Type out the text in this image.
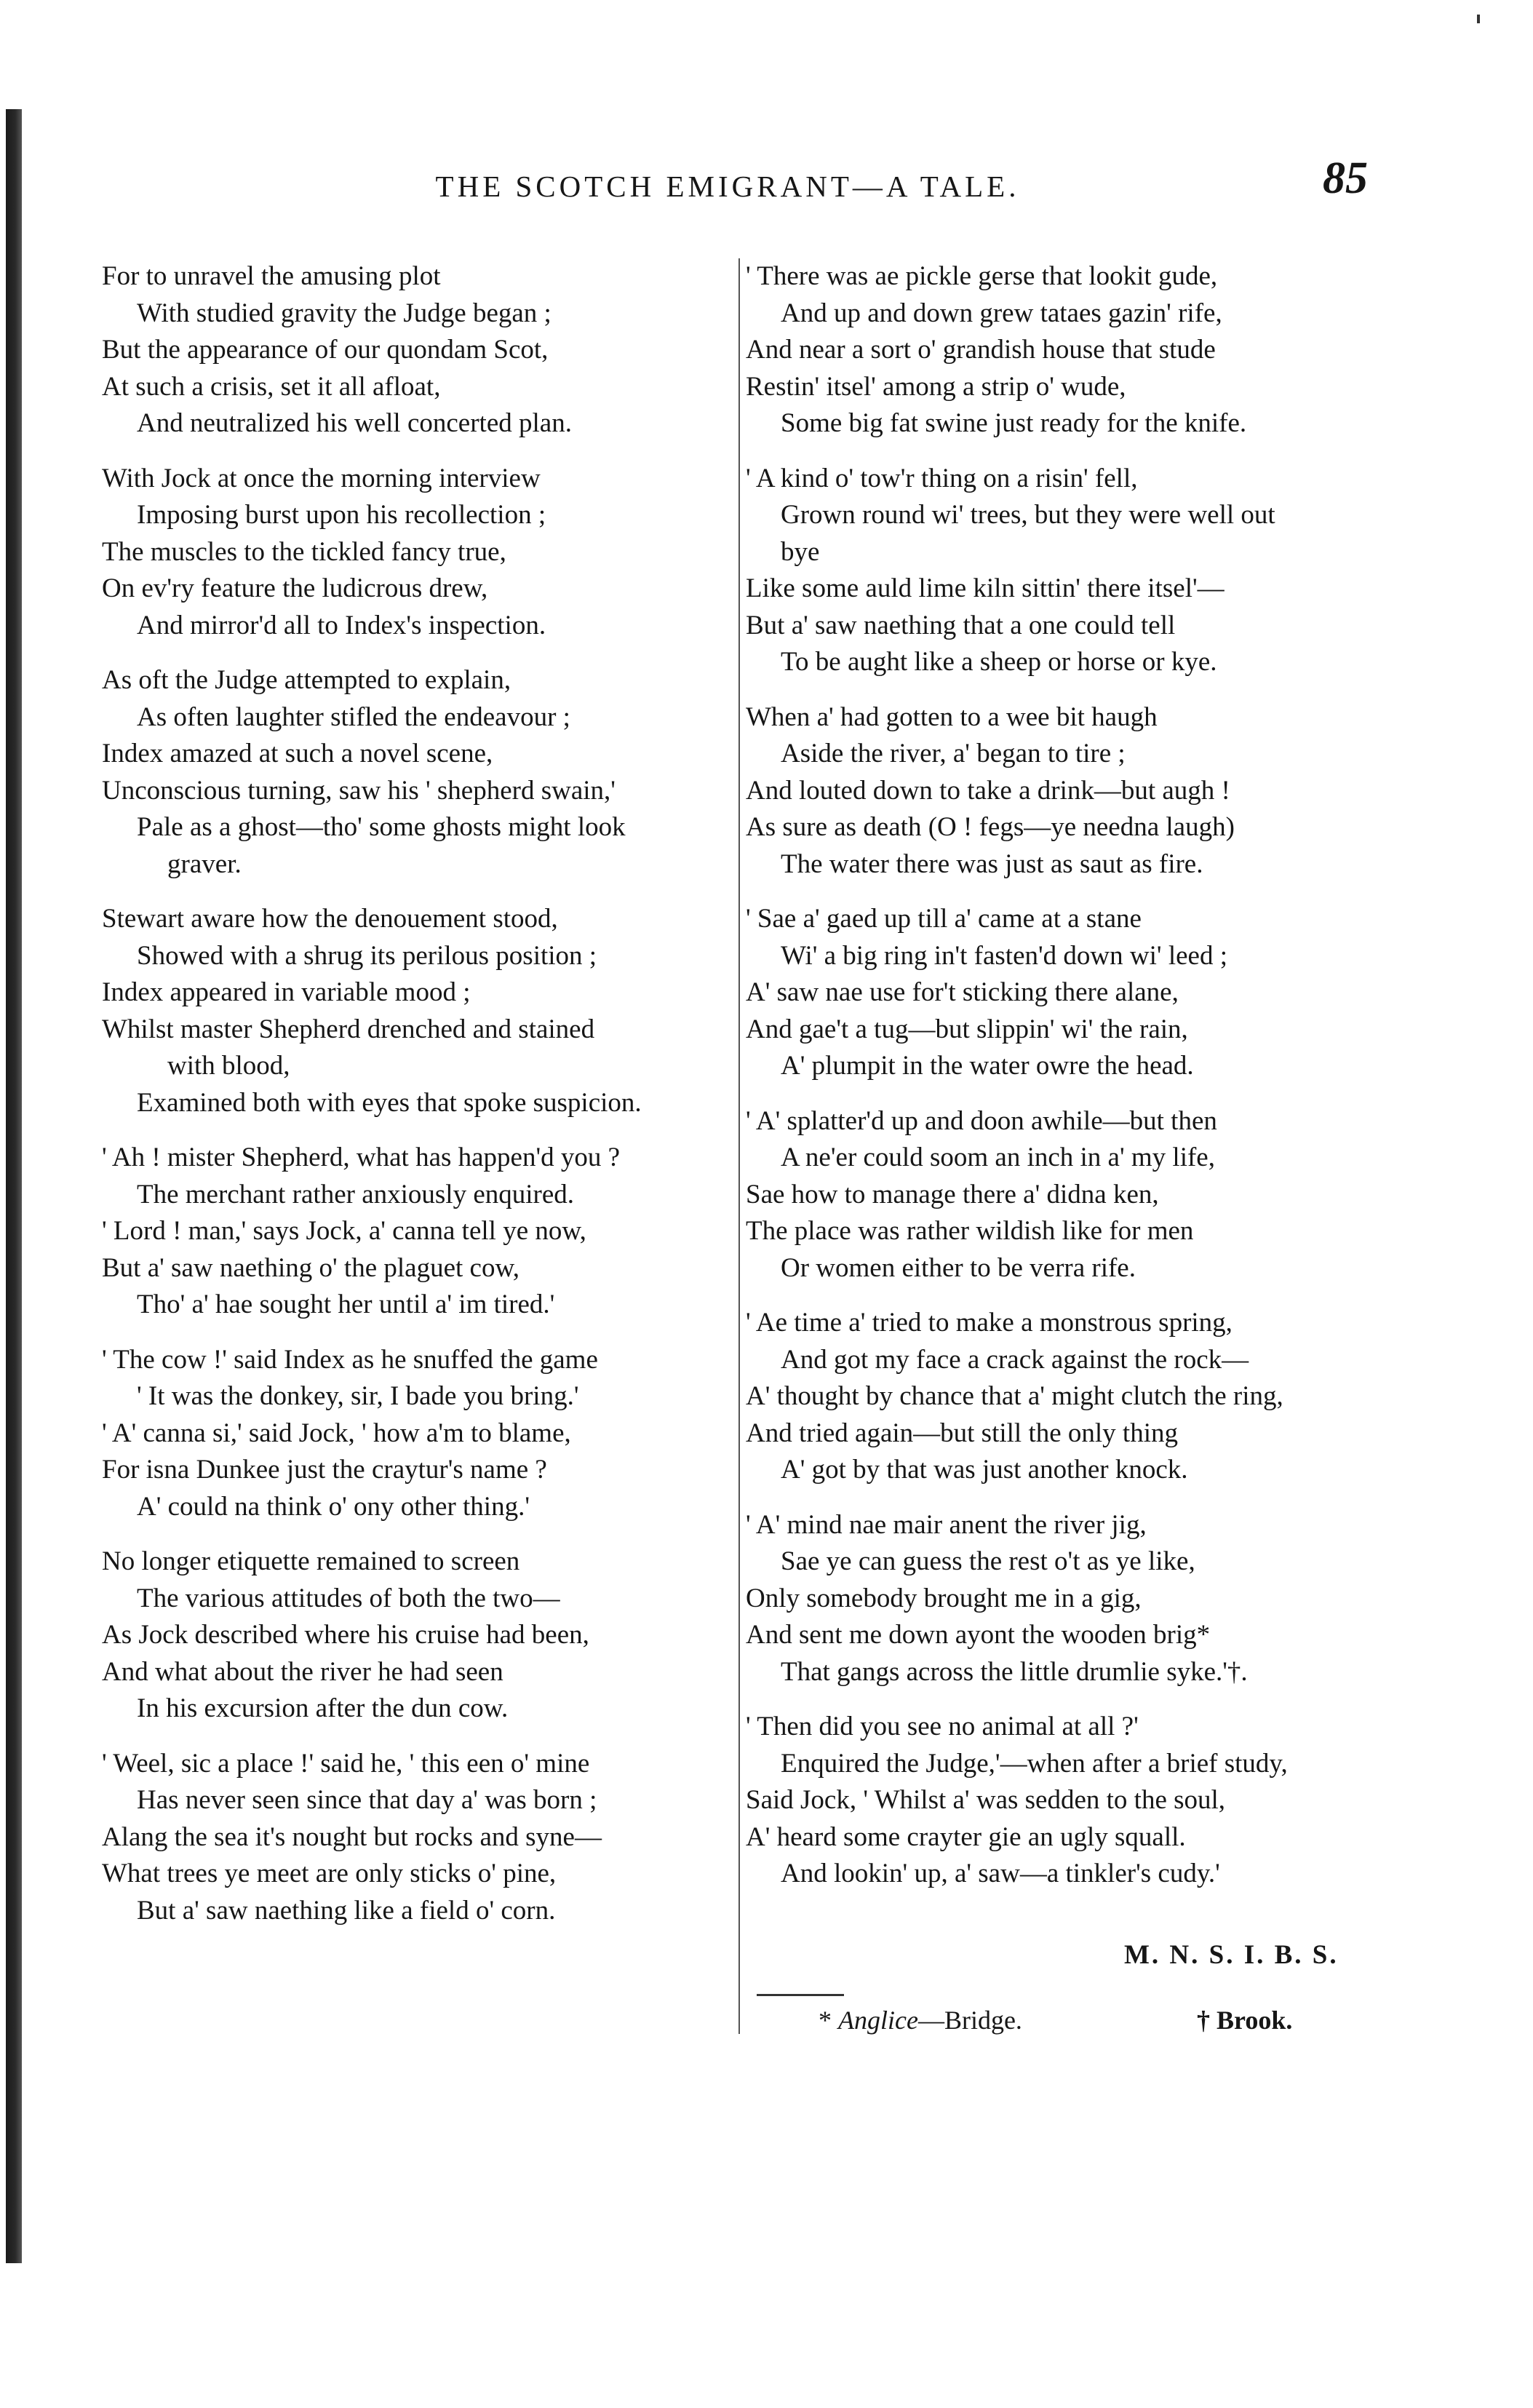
THE SCOTCH EMIGRANT—A TALE.	85
For to unravel the amusing plot
With studied gravity the Judge began ;
But the appearance of our quondam Scot,
At such a crisis, set it all afloat,
And neutralized his well concerted plan.
With Jock at once the morning interview
Imposing burst upon his recollection ;
The muscles to the tickled fancy true,
On ev'ry feature the ludicrous drew,
And mirror'd all to Index's inspection.
As oft the Judge attempted to explain,
As often laughter stifled the endeavour ;
Index amazed at such a novel scene,
Unconscious turning, saw his ' shepherd swain,'
Pale as a ghost—tho' some ghosts might look
graver.
Stewart aware how the denouement stood,
Showed with a shrug its perilous position ;
Index appeared in variable mood ;
Whilst master Shepherd drenched and stained
with blood,
Examined both with eyes that spoke suspicion.
' Ah ! mister Shepherd, what has happen'd you ?
The merchant rather anxiously enquired.
' Lord ! man,' says Jock, a' canna tell ye now,
But a' saw naething o' the plaguet cow,
Tho' a' hae sought her until a' im tired.'
' The cow !' said Index as he snuffed the game
' It was the donkey, sir, I bade you bring.'
' A' canna si,' said Jock, ' how a'm to blame,
For isna Dunkee just the craytur's name ?
A' could na think o' ony other thing.'
No longer etiquette remained to screen
The various attitudes of both the two—
As Jock described where his cruise had been,
And what about the river he had seen
In his excursion after the dun cow.
' Weel, sic a place !' said he, ' this een o' mine
Has never seen since that day a' was born ;
Alang the sea it's nought but rocks and syne—
What trees ye meet are only sticks o' pine,
But a' saw naething like a field o' corn.
' There was ae pickle gerse that lookit gude,
And up and down grew tataes gazin' rife,
And near a sort o' grandish house that stude
Restin' itsel' among a strip o' wude,
Some big fat swine just ready for the knife.
' A kind o' tow'r thing on a risin' fell,
Grown round wi' trees, but they were well out
bye
Like some auld lime kiln sittin' there itsel'—
But a' saw naething that a one could tell
To be aught like a sheep or horse or kye.
When a' had gotten to a wee bit haugh
Aside the river, a' began to tire ;
And louted down to take a drink—but augh !
As sure as death (O ! fegs—ye needna laugh)
The water there was just as saut as fire.
' Sae a' gaed up till a' came at a stane
Wi' a big ring in't fasten'd down wi' leed ;
A' saw nae use for't sticking there alane,
And gae't a tug—but slippin' wi' the rain,
A' plumpit in the water owre the head.
' A' splatter'd up and doon awhile—but then
A ne'er could soom an inch in a' my life,
Sae how to manage there a' didna ken,
The place was rather wildish like for men
Or women either to be verra rife.
' Ae time a' tried to make a monstrous spring,
And got my face a crack against the rock—
A' thought by chance that a' might clutch the ring,
And tried again—but still the only thing
A' got by that was just another knock.
' A' mind nae mair anent the river jig,
Sae ye can guess the rest o't as ye like,
Only somebody brought me in a gig,
And sent me down ayont the wooden brig*
That gangs across the little drumlie syke.'†.
' Then did you see no animal at all ?'
Enquired the Judge,'—when after a brief study,
Said Jock, ' Whilst a' was sedden to the soul,
A' heard some crayter gie an ugly squall.
And lookin' up, a' saw—a tinkler's cudy.'
M. N. S. I. B. S.
* Anglice—Bridge.	† Brook.
